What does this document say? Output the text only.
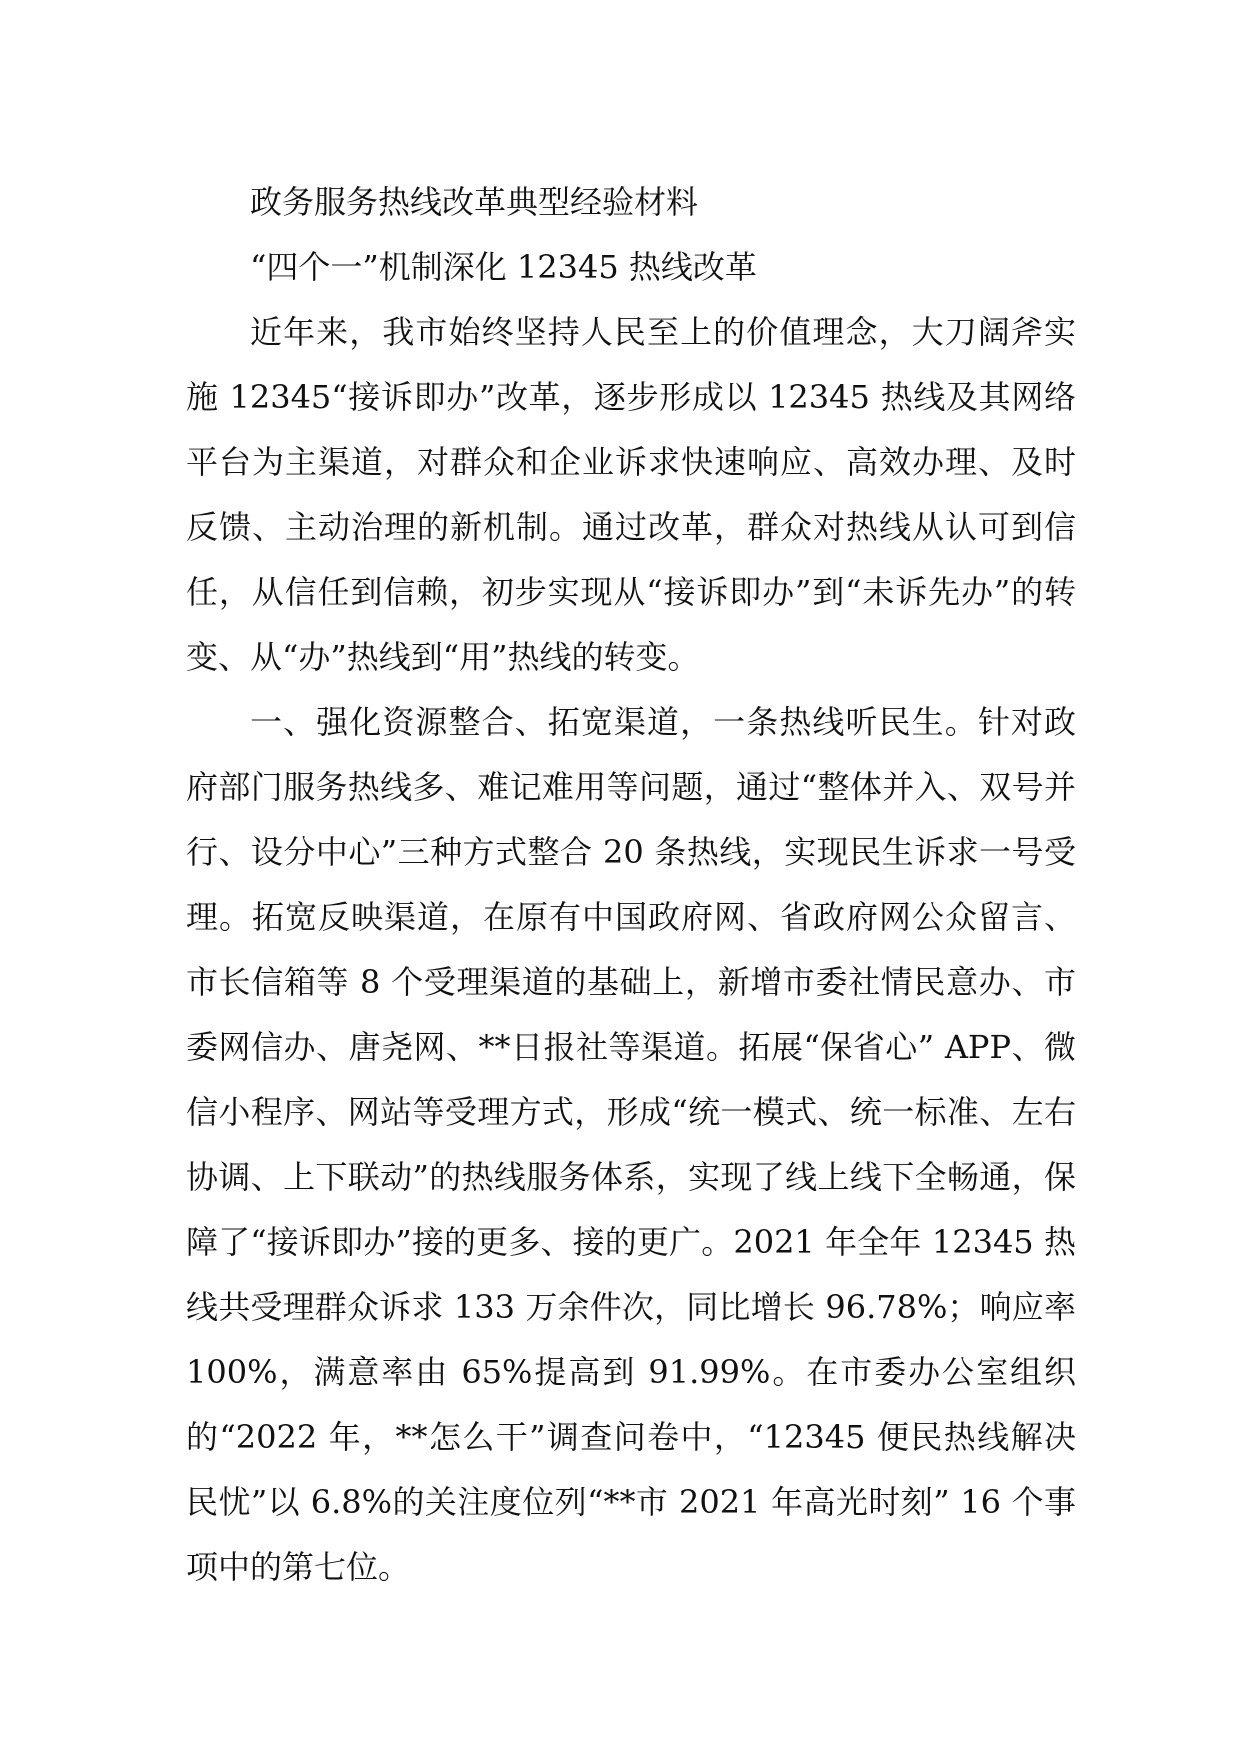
政务服务热线改革典型经验材料

“四个一”机制深化 12345 热线改革

近年来，我市始终坚持人民至上的价值理念，大刀阔斧实施 12345“接诉即办”改革，逐步形成以 12345 热线及其网络平台为主渠道，对群众和企业诉求快速响应、高效办理、及时反馈、主动治理的新机制。通过改革，群众对热线从认可到信任，从信任到信赖，初步实现从“接诉即办”到“未诉先办”的转变、从“办”热线到“用”热线的转变。

一、强化资源整合、拓宽渠道，一条热线听民生。针对政府部门服务热线多、难记难用等问题，通过“整体并入、双号并行、设分中心”三种方式整合 20 条热线，实现民生诉求一号受理。拓宽反映渠道，在原有中国政府网、省政府网公众留言、市长信箱等 8 个受理渠道的基础上，新增市委社情民意办、市委网信办、唐尧网、**日报社等渠道。拓展“保省心” APP、微信小程序、网站等受理方式，形成“统一模式、统一标准、左右协调、上下联动”的热线服务体系，实现了线上线下全畅通，保障了“接诉即办”接的更多、接的更广。2021 年全年 12345 热线共受理群众诉求 133 万余件次，同比增长 96.78%；响应率 100%，满意率由 65%提高到 91.99%。在市委办公室组织的“2022 年，**怎么干”调查问卷中，“12345 便民热线解决民忧”以 6.8%的关注度位列“**市 2021 年高光时刻” 16 个事项中的第七位。
